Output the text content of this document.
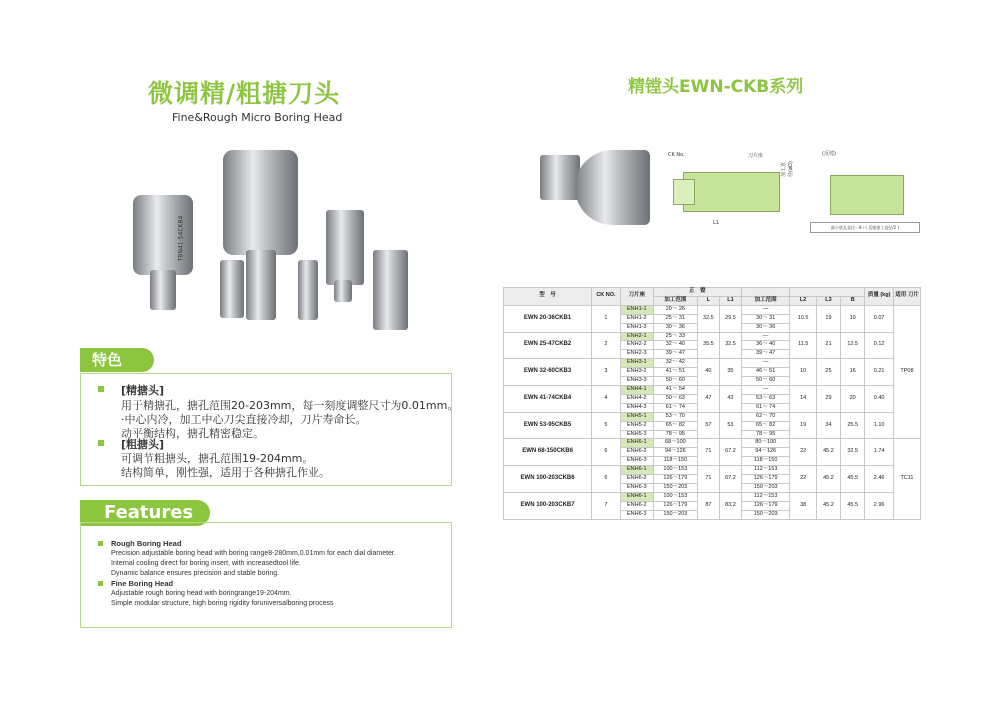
微调精/粗搪刀头
Fine&Rough Micro Boring Head
TBN41-54CKB4
特色
[精搪头]
用于精搪孔，搪孔范围20-203mm，每一刻度调整尺寸为0.01mm。
·中心内冷，加工中心刀尖直接冷却，刀片寿命长。
动平衡结构，搪孔精密稳定。
[粗搪头]
可调节粗搪头，搪孔范围19-204mm。
结构简单，刚性强，适用于各种搪孔作业。
Features
Rough Boring Head
Precision adjustable boring head with boring range8-280mm,0.01mm for each dial diameter.
Internal cooling direct for boring insert, with increasedtool life.
Dynamic balance ensures precision and stable boring.
Fine Boring Head
Adjustable rough boring head with boringrange19-204mm.
Simple modular structure, high boring rigidity foruniversalboring process
精镗头EWN-CKB系列
CK No.	刀片座
L1
加工直径(øD)
(反镗)
最小底孔直径＝θ＋( 反镗加工直径/2 )
型　号	CK NO.	刀片座	正　镗							质量 (kg)	适用 刀片
			加工范围	L	L1	加工范围	L2	L3	B		
EWN 20-36CKB1	1	ENH1-1	20～ 26	32.5	29.5	—	10.5	19	10	0.07	TP08
		ENH1-2	25～ 31			30～ 31					
		ENH1-3	30～ 36			30～ 36					
EWN 25-47CKB2	2	ENH2-1	25～ 33	35.5	32.5	—	11.5	21	12.5	0.12	
		ENH2-2	32～ 40			36～ 40					
		ENH2-3	39～ 47			39～ 47					
EWN 32-60CKB3	3	ENH3-1	32～ 42	40	35	—	10	25	16	0.21	
		ENH3-2	41～ 51			46～ 51					
		ENH3-3	50～ 60			50～ 60					
EWN 41-74CKB4	4	ENH4-1	41～ 54	47	43	—	14	29	20	0.40	
		ENH4-2	50～ 63			53～ 63					
		ENH4-3	61～ 74			61～ 74					
EWN 53-95CKB5	5	ENH5-1	53～ 70	57	53	62～ 70	19	34	25.5	1.10	
		ENH5-2	65～ 82			65～ 82					
		ENH5-3	78～ 95			78～ 95					
EWN 68-150CKB6	6	ENH6-1	68～100	71	67.2	80～100	22	45.2	32.5	1.74	TC11
		ENH6-2	94～126			94～126					
		ENH6-3	118～150			118～150					
EWN 100-203CKB6	6	ENH6-1	100～153	71	67.2	112～153	22	45.2	45.5	2.46	
		ENH6-2	126～179			126～179					
		ENH6-3	150～203			150～203					
EWN 100-203CKB7	7	ENH6-1	100～153	87	83.2	112～153	38	45.2	45.5	2.96	
		ENH6-2	126～179			126～179					
		ENH6-3	150～203			150～203					
